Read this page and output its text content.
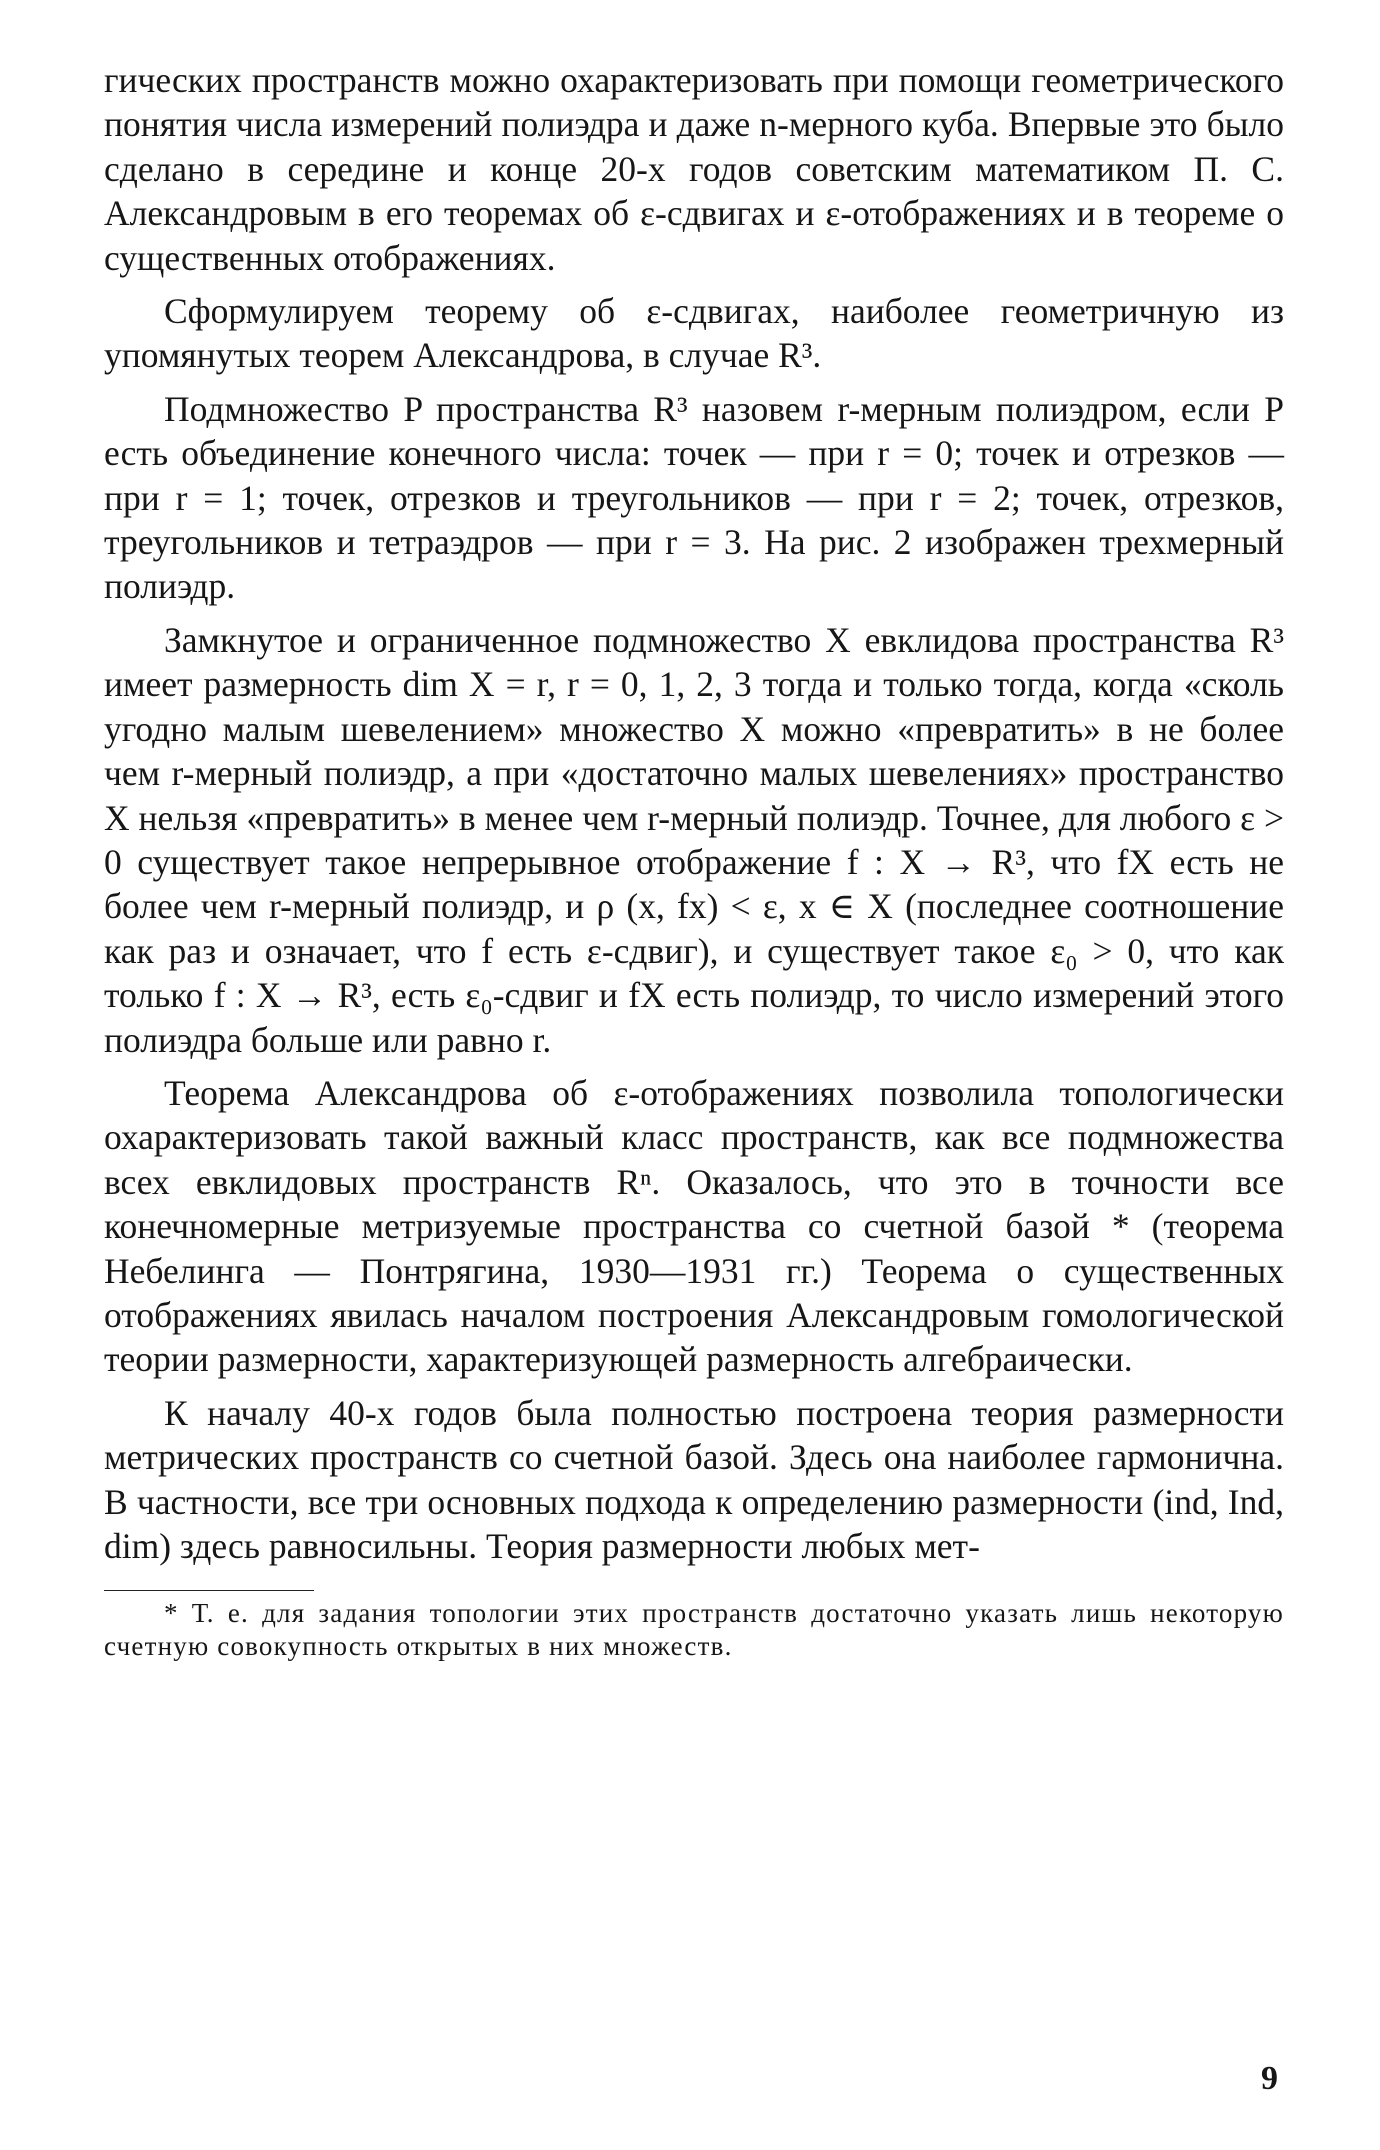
гических пространств можно охарактеризовать при помощи геометрического понятия числа измерений полиэдра и даже n-мерного куба. Впервые это было сделано в середине и конце 20-х годов советским математиком П. С. Александровым в его теоремах об ε-сдвигах и ε-отображениях и в теореме о существенных отображениях.

Сформулируем теорему об ε-сдвигах, наиболее геометричную из упомянутых теорем Александрова, в случае R³.

Подмножество P пространства R³ назовем r-мерным полиэдром, если P есть объединение конечного числа: точек — при r = 0; точек и отрезков — при r = 1; точек, отрезков и треугольников — при r = 2; точек, отрезков, треугольников и тетраэдров — при r = 3. На рис. 2 изображен трехмерный полиэдр.

Замкнутое и ограниченное подмножество X евклидова пространства R³ имеет размерность dim X = r, r = 0, 1, 2, 3 тогда и только тогда, когда «сколь угодно малым шевелением» множество X можно «превратить» в не более чем r-мерный полиэдр, а при «достаточно малых шевелениях» пространство X нельзя «превратить» в менее чем r-мерный полиэдр. Точнее, для любого ε > 0 существует такое непрерывное отображение f : X → R³, что fX есть не более чем r-мерный полиэдр, и ρ (x, fx) < ε, x ∈ X (последнее соотношение как раз и означает, что f есть ε-сдвиг), и существует такое ε₀ > 0, что как только f : X → R³, есть ε₀-сдвиг и fX есть полиэдр, то число измерений этого полиэдра больше или равно r.

Теорема Александрова об ε-отображениях позволила топологически охарактеризовать такой важный класс пространств, как все подмножества всех евклидовых пространств Rⁿ. Оказалось, что это в точности все конечномерные метризуемые пространства со счетной базой * (теорема Небелинга — Понтрягина, 1930—1931 гг.) Теорема о существенных отображениях явилась началом построения Александровым гомологической теории размерности, характеризующей размерность алгебраически.

К началу 40-х годов была полностью построена теория размерности метрических пространств со счетной базой. Здесь она наиболее гармонична. В частности, все три основных подхода к определению размерности (ind, Ind, dim) здесь равносильны. Теория размерности любых мет-

* Т. е. для задания топологии этих пространств достаточно указать лишь некоторую счетную совокупность открытых в них множеств.

9
